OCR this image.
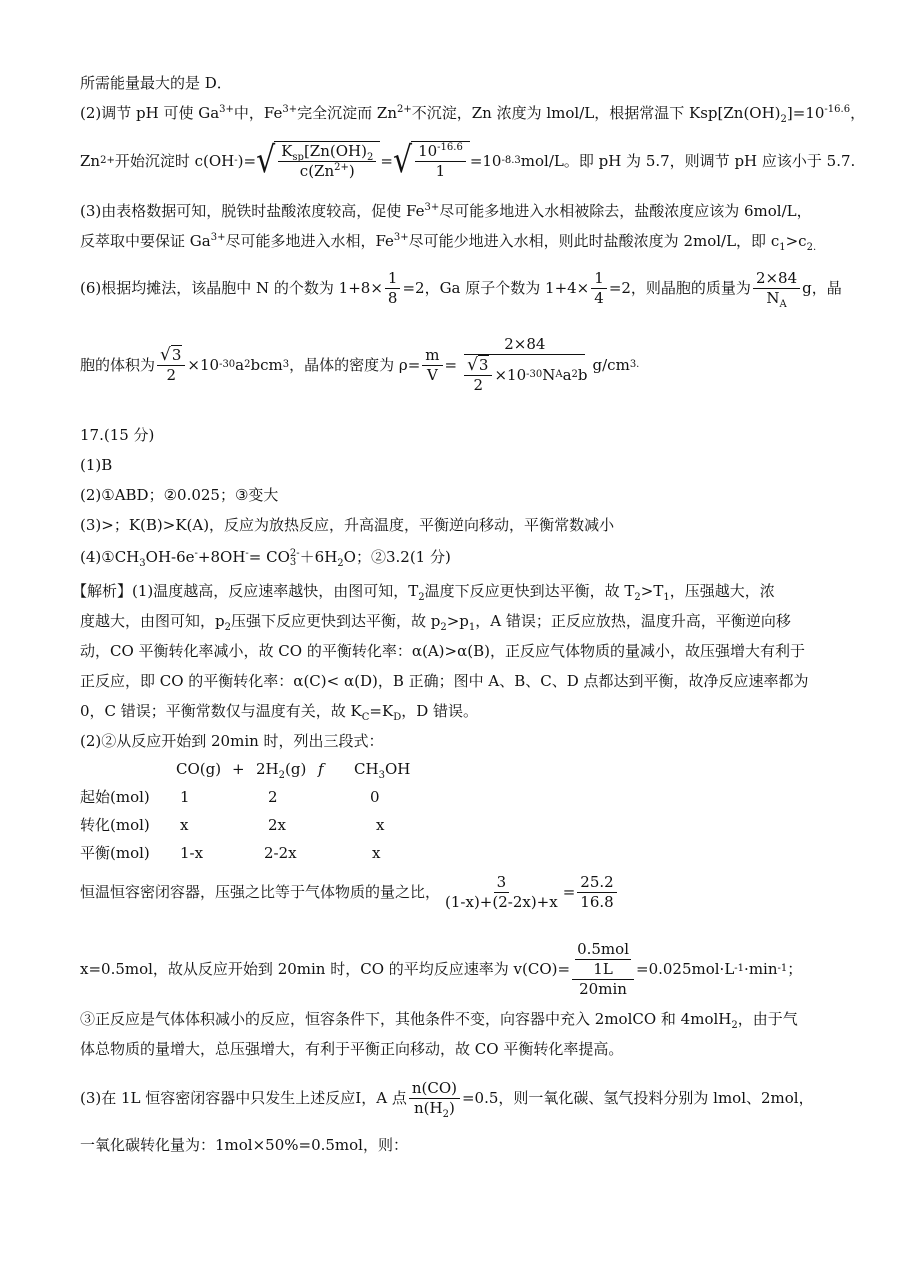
所需能量最大的是 D．
(2)调节 pH 可使 $Ga^{3+}$中，$Fe^{3+}$完全沉淀而 $Zn^{2+}$不沉淀，Zn 浓度为 lmol/L，根据常温下 $Ksp[Zn(OH)_2]=10^{-16.6}$，
Zn 2+ 开始沉淀时 c(OH - )= √ $\frac{K_{sp}[Zn(OH)_2}{c(Zn^{2+})}$ = √ $\frac{10^{-16.6}}{1} =10$ -8.3 mol/L。即 pH 为 5.7，则调节 pH 应该小于 5.7.
(3)由表格数据可知，脱铁时盐酸浓度较高，促使 $Fe^{3+}$尽可能多地进入水相被除去，盐酸浓度应该为 6mol/L，
反萃取中要保证 $Ga^{3+}$尽可能多地进入水相，$Fe^{3+}$尽可能少地进入水相，则此时盐酸浓度为 2mol/L，即 $c_1>c_{2.}$
(6)根据均摊法，该晶胞中 N 的个数为 $1+8\times \frac{1}{8} =2$，Ga 原子个数为 $1+4\times \frac{1}{4} =2$，则晶胞的质量为 $\frac{2\times 84}{N_A}$ g，晶
胞的体积为 $\frac{√3}{2} \times 10$ -30 a 2 bcm 3 ，晶体的密度为 $\rho= \frac{m}{V} = \frac{2\times 84}{\frac{√3}{2} \times 10 -30 N A a 2 b} g/cm$ 3.
17.(15 分)
(1)B
(2)①ABD；②0.025；③变大
(3)>；K(B)>K(A)，反应为放热反应，升高温度，平衡逆向移动，平衡常数减小
$(4)①CH_3OH-6e^-+8OH^-=$ CO 2-
$3 +6H_2O$；②3.2(1 分)
【解析】(1)温度越高，反应速率越快，由图可知，$T_2$温度下反应更快到达平衡，故 $T_2>T_1$，压强越大，浓
度越大，由图可知，$p_2$压强下反应更快到达平衡，故 $p_2>p_1$，A 错误；正反应放热，温度升高，平衡逆向移
动，CO 平衡转化率减小，故 CO 的平衡转化率：α(A)>α(B)，正反应气体物质的量减小，故压强增大有利于
正反应，即 CO 的平衡转化率：α(C)< α(D)，B 正确；图中 A、B、C、D 点都达到平衡，故净反应速率都为
0，C 错误；平衡常数仅与温度有关，故 $K_C=K_D$，D 错误。
(2)②从反应开始到 20min 时，列出三段式：
$CO(g) + 2H_2(g)$ f $CH_3OH$
起始(mol) 1	2	0
转化(mol) x	2x	x
平衡(mol) 1-x	2-2x	x
恒温恒容密闭容器，压强之比等于气体物质的量之比， $\frac{3}{(1-x)+(2-2x)+x} = \frac{25.2}{16.8}$
x=0.5mol，故从反应开始到 20min 时，CO 的平均反应速率为 v(CO)= 0.5mol
1L
20min =0.025mol·L -1 ·min -1 ；
③正反应是气体体积减小的反应，恒容条件下，其他条件不变，向容器中充入 2molCO 和 4molH$_2$，由于气
体总物质的量增大，总压强增大，有利于平衡正向移动，故 CO 平衡转化率提高。
(3)在 1L 恒容密闭容器中只发生上述反应I，A 点 $\frac{n(CO)}{n(H_2)} =0.5$，则一氧化碳、氢气投料分别为 lmol、2mol，
一氧化碳转化量为：1mol×50%=0.5mol，则：
